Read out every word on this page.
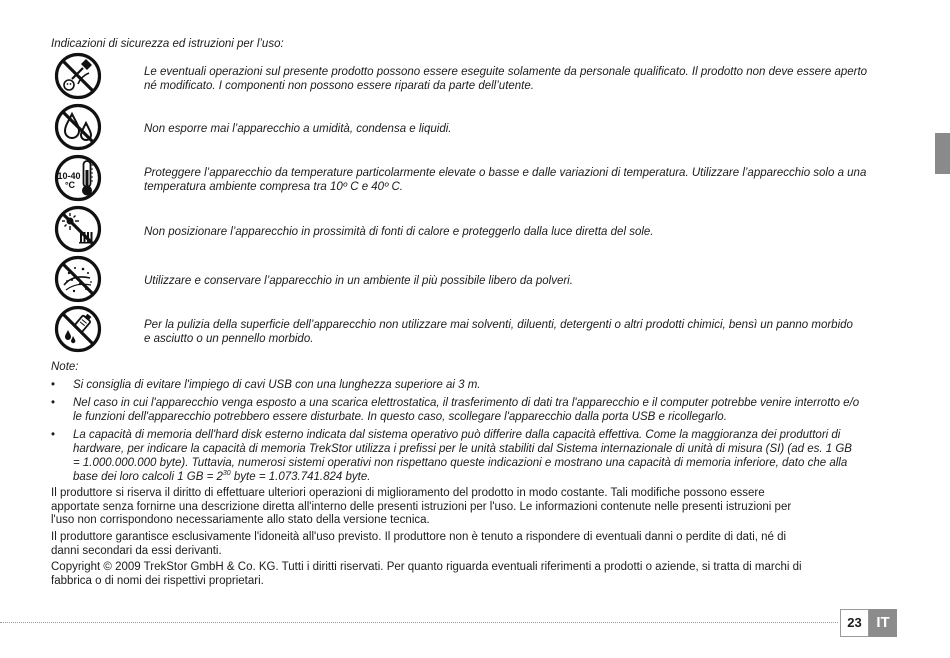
Indicazioni di sicurezza ed istruzioni per l’uso:
Le eventuali operazioni sul presente prodotto possono essere eseguite solamente da personale qualificato. Il prodotto non deve essere aperto
né modificato. I componenti non possono essere riparati da parte dell’utente.
Non esporre mai l’apparecchio a umidità, condensa e liquidi.
10-40
°C
Proteggere l’apparecchio da temperature particolarmente elevate o basse e dalle variazioni di temperatura. Utilizzare l’apparecchio solo a una
temperatura ambiente compresa tra 10º C e 40º C.
Non posizionare l’apparecchio in prossimità di fonti di calore e proteggerlo dalla luce diretta del sole.
Utilizzare e conservare l’apparecchio in un ambiente il più possibile libero da polveri.
Per la pulizia della superficie dell’apparecchio non utilizzare mai solventi, diluenti, detergenti o altri prodotti chimici, bensì un panno morbido
e asciutto o un pennello morbido.
Note:
•
Si consiglia di evitare l'impiego di cavi USB con una lunghezza superiore ai 3 m.
•
Nel caso in cui l'apparecchio venga esposto a una scarica elettrostatica, il trasferimento di dati tra l'apparecchio e il computer potrebbe venire interrotto e/o
le funzioni dell'apparecchio potrebbero essere disturbate. In questo caso, scollegare l'apparecchio dalla porta USB e ricollegarlo.
•
La capacità di memoria dell'hard disk esterno indicata dal sistema operativo può differire dalla capacità effettiva. Come la maggioranza dei produttori di
hardware, per indicare la capacità di memoria TrekStor utilizza i prefissi per le unità stabiliti dal Sistema internazionale di unità di misura (SI) (ad es. 1 GB
= 1.000.000.000 byte). Tuttavia, numerosi sistemi operativi non rispettano queste indicazioni e mostrano una capacità di memoria inferiore, dato che alla
base dei loro calcoli 1 GB = $2^{30}$ byte = 1.073.741.824 byte.
Il produttore si riserva il diritto di effettuare ulteriori operazioni di miglioramento del prodotto in modo costante. Tali modifiche possono essere
apportate senza fornirne una descrizione diretta all'interno delle presenti istruzioni per l'uso. Le informazioni contenute nelle presenti istruzioni per
l'uso non corrispondono necessariamente allo stato della versione tecnica.
Il produttore garantisce esclusivamente l'idoneità all'uso previsto. Il produttore non è tenuto a rispondere di eventuali danni o perdite di dati, né di
danni secondari da essi derivanti.
Copyright © 2009 TrekStor GmbH & Co. KG. Tutti i diritti riservati. Per quanto riguarda eventuali riferimenti a prodotti o aziende, si tratta di marchi di
fabbrica o di nomi dei rispettivi proprietari.
23 IT
